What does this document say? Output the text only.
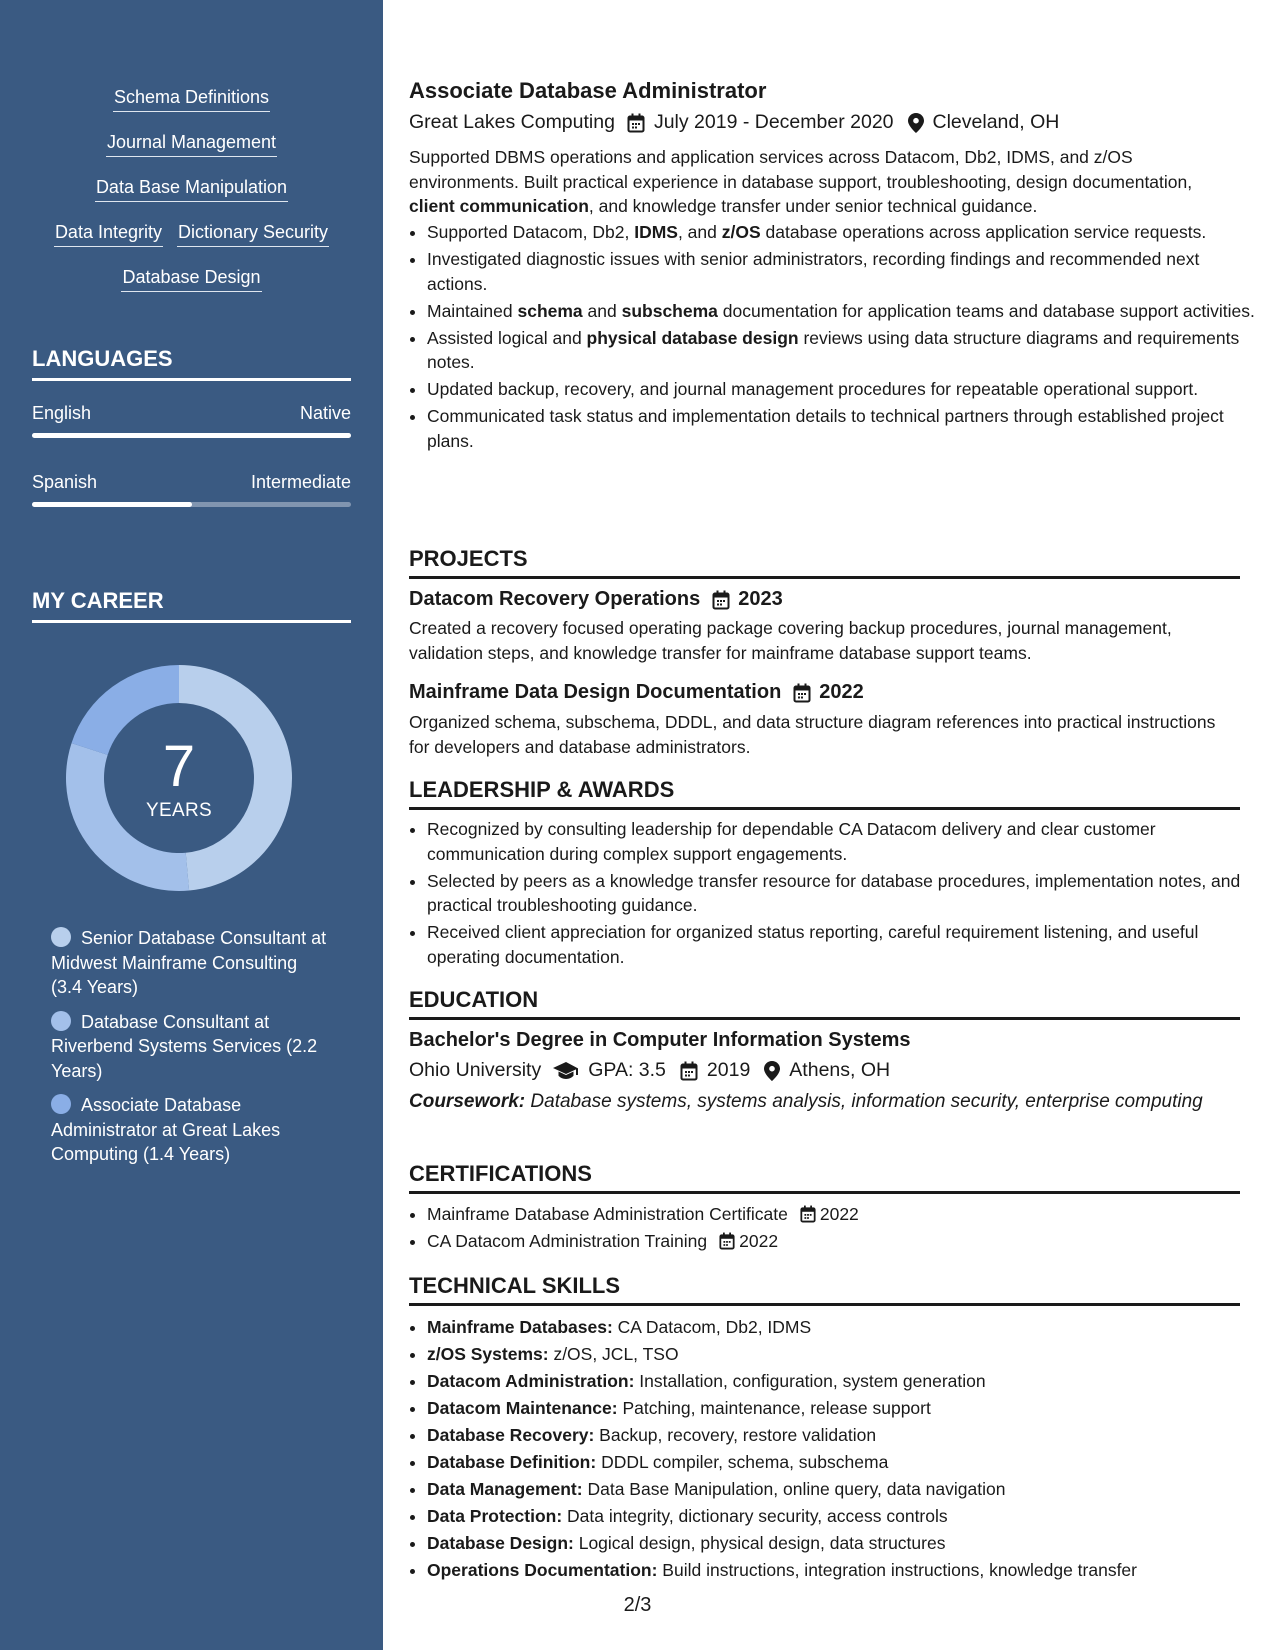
Schema Definitions
Journal Management
Data Base Manipulation
Data Integrity Dictionary Security
Database Design
LANGUAGES
English	Native
Spanish	Intermediate
MY CAREER
7
YEARS
Senior Database Consultant at Midwest Mainframe Consulting (3.4 Years)
Database Consultant at Riverbend Systems Services (2.2 Years)
Associate Database Administrator at Great Lakes Computing (1.4 Years)
Associate Database Administrator
Great Lakes Computing July 2019 - December 2020 Cleveland, OH
Supported DBMS operations and application services across Datacom, Db2, IDMS, and z/OS environments. Built practical experience in database support, troubleshooting, design documentation, client communication, and knowledge transfer under senior technical guidance.
• Supported Datacom, Db2, IDMS, and z/OS database operations across application service requests.
• Investigated diagnostic issues with senior administrators, recording findings and recommended next actions.
• Maintained schema and subschema documentation for application teams and database support activities.
• Assisted logical and physical database design reviews using data structure diagrams and requirements notes.
• Updated backup, recovery, and journal management procedures for repeatable operational support.
• Communicated task status and implementation details to technical partners through established project plans.
PROJECTS
Datacom Recovery Operations 2023
Created a recovery focused operating package covering backup procedures, journal management, validation steps, and knowledge transfer for mainframe database support teams.
Mainframe Data Design Documentation 2022
Organized schema, subschema, DDDL, and data structure diagram references into practical instructions for developers and database administrators.
LEADERSHIP & AWARDS
• Recognized by consulting leadership for dependable CA Datacom delivery and clear customer communication during complex support engagements.
• Selected by peers as a knowledge transfer resource for database procedures, implementation notes, and practical troubleshooting guidance.
• Received client appreciation for organized status reporting, careful requirement listening, and useful operating documentation.
EDUCATION
Bachelor's Degree in Computer Information Systems
Ohio University GPA: 3.5 2019 Athens, OH
Coursework: Database systems, systems analysis, information security, enterprise computing
CERTIFICATIONS
• Mainframe Database Administration Certificate 2022
• CA Datacom Administration Training 2022
TECHNICAL SKILLS
• Mainframe Databases: CA Datacom, Db2, IDMS
• z/OS Systems: z/OS, JCL, TSO
• Datacom Administration: Installation, configuration, system generation
• Datacom Maintenance: Patching, maintenance, release support
• Database Recovery: Backup, recovery, restore validation
• Database Definition: DDDL compiler, schema, subschema
• Data Management: Data Base Manipulation, online query, data navigation
• Data Protection: Data integrity, dictionary security, access controls
• Database Design: Logical design, physical design, data structures
• Operations Documentation: Build instructions, integration instructions, knowledge transfer
2/3
